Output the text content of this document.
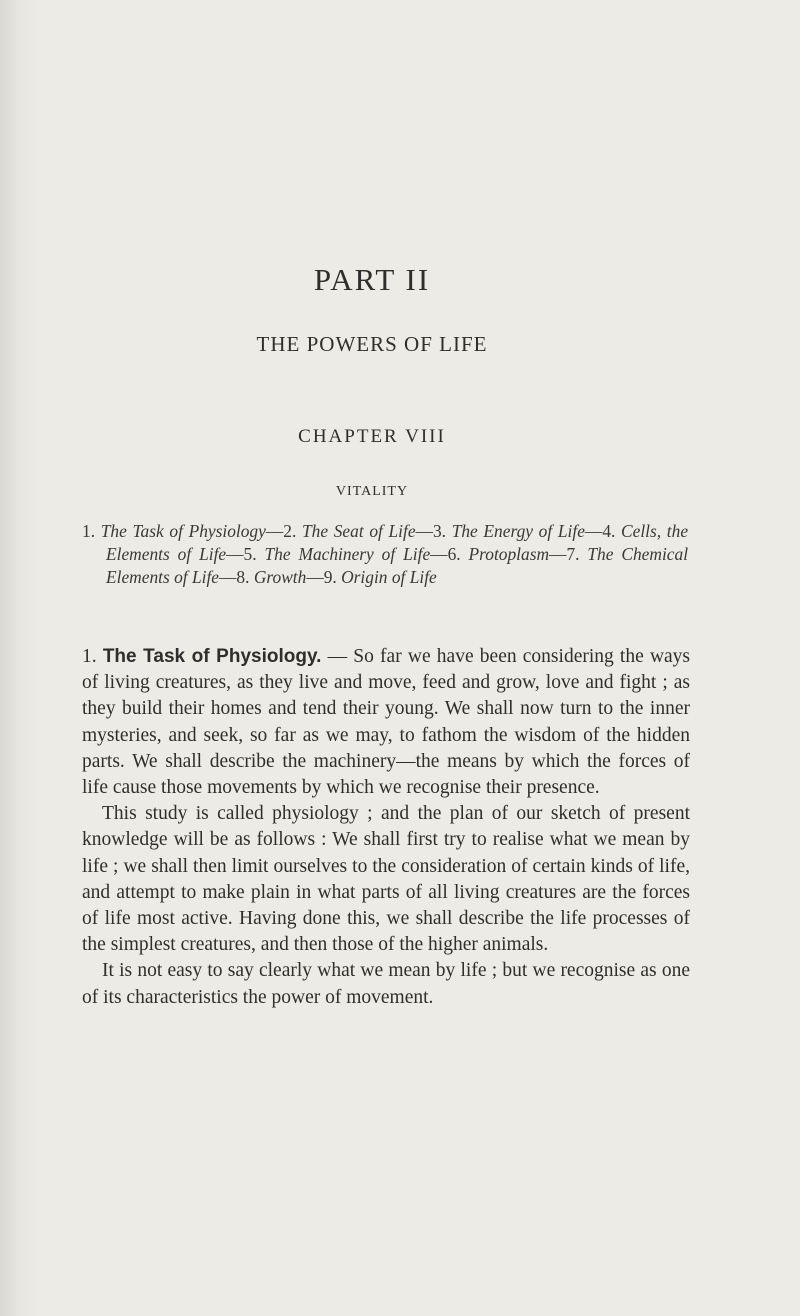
PART II
THE POWERS OF LIFE
CHAPTER VIII
VITALITY
1. The Task of Physiology—2. The Seat of Life—3. The Energy of Life—4. Cells, the Elements of Life—5. The Machinery of Life—6. Protoplasm—7. The Chemical Elements of Life—8. Growth—9. Origin of Life

1. The Task of Physiology. — So far we have been considering the ways of living creatures, as they live and move, feed and grow, love and fight ; as they build their homes and tend their young. We shall now turn to the inner mysteries, and seek, so far as we may, to fathom the wisdom of the hidden parts. We shall describe the machinery—the means by which the forces of life cause those movements by which we recognise their presence.

This study is called physiology ; and the plan of our sketch of present knowledge will be as follows : We shall first try to realise what we mean by life ; we shall then limit ourselves to the consideration of certain kinds of life, and attempt to make plain in what parts of all living creatures are the forces of life most active. Having done this, we shall describe the life processes of the simplest creatures, and then those of the higher animals.

It is not easy to say clearly what we mean by life ; but we recognise as one of its characteristics the power of movement.
